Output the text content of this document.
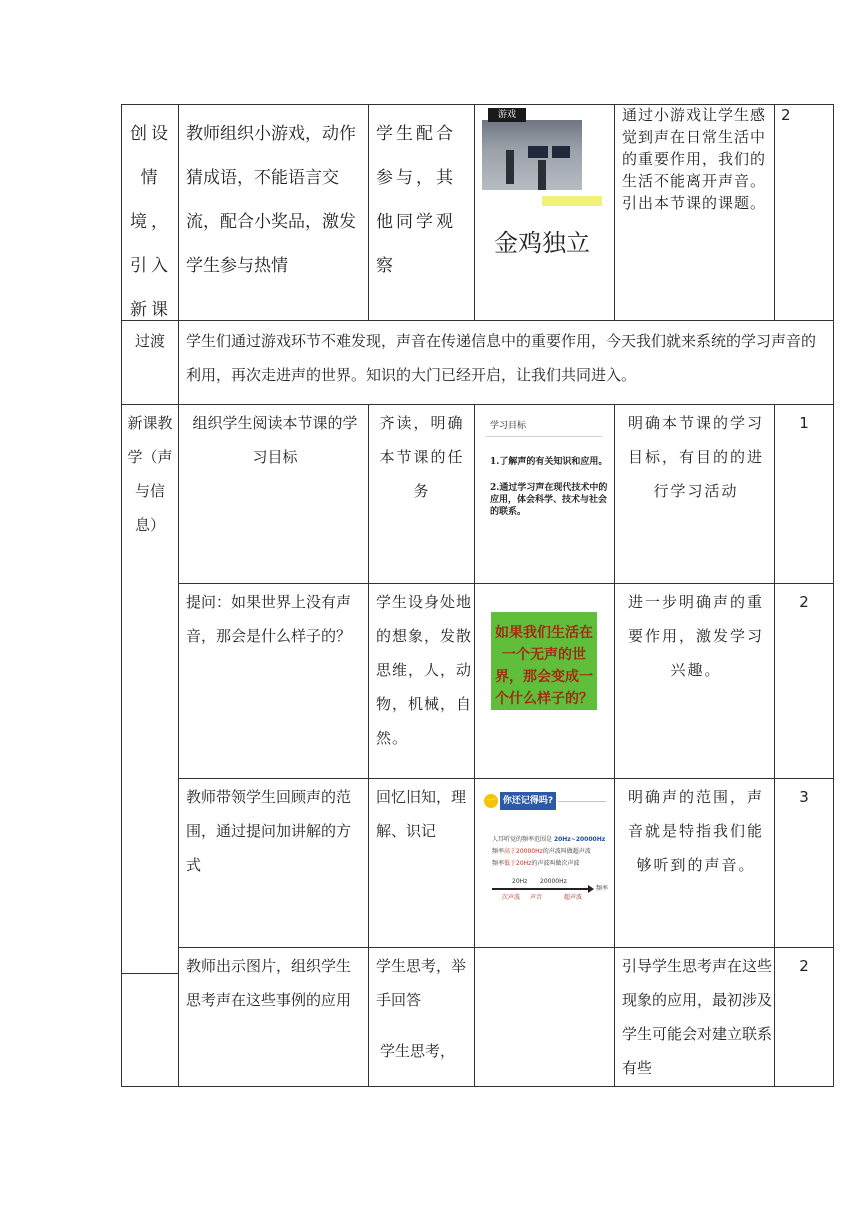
创设情境，引入新课
教师组织小游戏，动作猜成语，不能语言交流，配合小奖品，激发学生参与热情
学生配合参与，其他同学观察
游戏
金鸡独立
通过小游戏让学生感觉到声在日常生活中的重要作用，我们的生活不能离开声音。引出本节课的课题。
2
过渡	学生们通过游戏环节不难发现，声音在传递信息中的重要作用，今天我们就来系统的学习声音的利用，再次走进声的世界。知识的大门已经开启，让我们共同进入。
新课教学（声与信息）
组织学生阅读本节课的学习目标
齐读，明确本节课的任务
学习目标
1.了解声的有关知识和应用。
2.通过学习声在现代技术中的应用，体会科学、技术与社会的联系。
明确本节课的学习目标，有目的的进行学习活动
1
提问：如果世界上没有声音，那会是什么样子的？
学生设身处地的想象，发散思维，人，动物，机械，自然。
如果我们生活在一个无声的世界，那会变成一个什么样子的？
进一步明确声的重要作用，激发学习兴趣。
2
教师带领学生回顾声的范围，通过提问加讲解的方式
回忆旧知，理解、识记
一 你还记得吗?
人耳听觉的频率范围是 20Hz~20000Hz
频率高于20000Hz的声波叫做超声波
频率低于20Hz的声波叫做次声波
20Hz 20000Hz
频率
次声波 声音	超声波
明确声的范围，声音就是特指我们能够听到的声音。
3
教师出示图片，组织学生思考声在这些事例的应用
学生思考，举手回答
学生思考，
引导学生思考声在这些现象的应用，最初涉及学生可能会对建立联系有些
2
